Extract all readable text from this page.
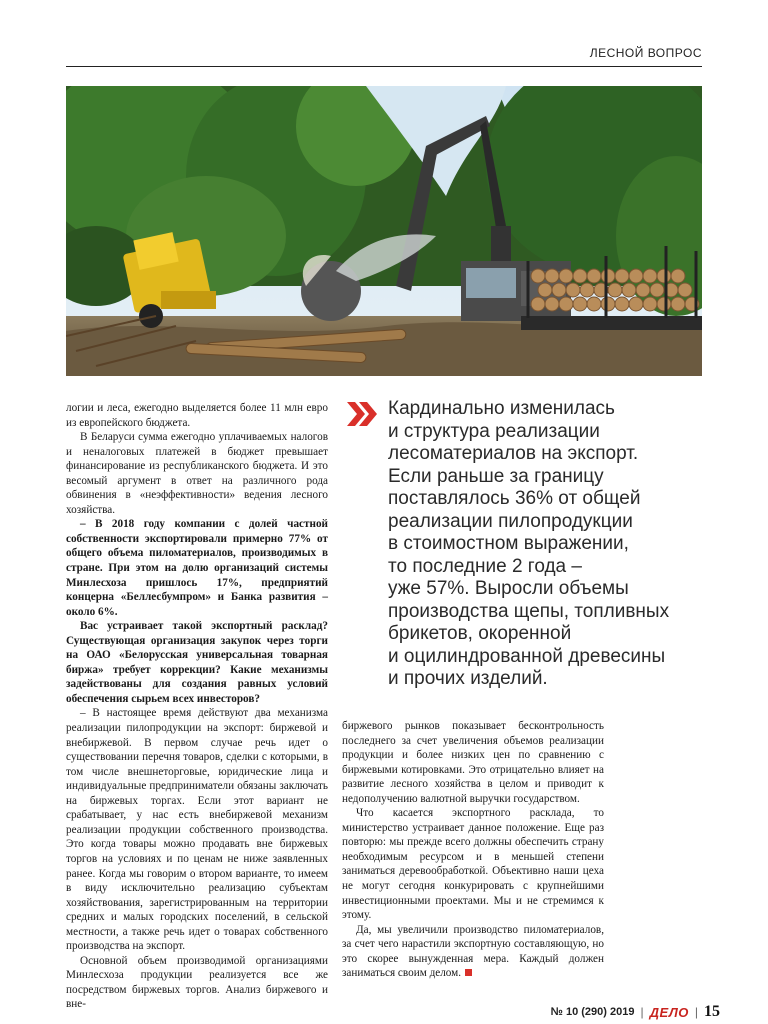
ЛЕСНОЙ ВОПРОС

логии и леса, ежегодно выделяется более 11 млн евро из европейского бюджета.

В Беларуси сумма ежегодно уплачиваемых налогов и неналоговых платежей в бюджет превышает финансирование из республиканского бюджета. И это весомый аргумент в ответ на различного рода обвинения в «неэффективности» ведения лесного хозяйства.

– В 2018 году компании с долей частной собственности экспортировали примерно 77% от общего объема пиломатериалов, производимых в стране. При этом на долю организаций системы Минлесхоза пришлось 17%, предприятий концерна «Беллесбумпром» и Банка развития – около 6%.

Вас устраивает такой экспортный расклад? Существующая организация закупок через торги на ОАО «Белорусская универсальная товарная биржа» требует коррекции? Какие механизмы задействованы для создания равных условий обеспечения сырьем всех инвесторов?

– В настоящее время действуют два механизма реализации пилопродукции на экспорт: биржевой и внебиржевой. В первом случае речь идет о существовании перечня товаров, сделки с которыми, в том числе внешнеторговые, юридические лица и индивидуальные предприниматели обязаны заключать на биржевых торгах. Если этот вариант не срабатывает, у нас есть внебиржевой механизм реализации продукции собственного производства. Это когда товары можно продавать вне биржевых торгов на условиях и по ценам не ниже заявленных ранее. Когда мы говорим о втором варианте, то имеем в виду исключительно реализацию субъектам хозяйствования, зарегистрированным на территории средних и малых городских поселений, в сельской местности, а также речь идет о товарах собственного производства на экспорт.

Основной объем производимой организациями Минлесхоза продукции реализуется все же посредством биржевых торгов. Анализ биржевого и вне-

Кардинально изменилась
и структура реализации
лесоматериалов на экспорт.
Если раньше за границу
поставлялось 36% от общей
реализации пилопродукции
в стоимостном выражении,
то последние 2 года –
уже 57%. Выросли объемы
производства щепы, топливных
брикетов, окоренной
и оцилиндрованной древесины
и прочих изделий.

биржевого рынков показывает бесконтрольность последнего за счет увеличения объемов реализации продукции и более низких цен по сравнению с биржевыми котировками. Это отрицательно влияет на развитие лесного хозяйства в целом и приводит к недополучению валютной выручки государством.

Что касается экспортного расклада, то министерство устраивает данное положение. Еще раз повторю: мы прежде всего должны обеспечить страну необходимым ресурсом и в меньшей степени заниматься деревообработкой. Объективно наши цеха не могут сегодня конкурировать с крупнейшими инвестиционными проектами. Мы и не стремимся к этому.

Да, мы увеличили производство пиломатериалов, за счет чего нарастили экспортную составляющую, но это скорее вынужденная мера. Каждый должен заниматься своим делом.

№ 10 (290) 2019 | ДЕЛО | 15
